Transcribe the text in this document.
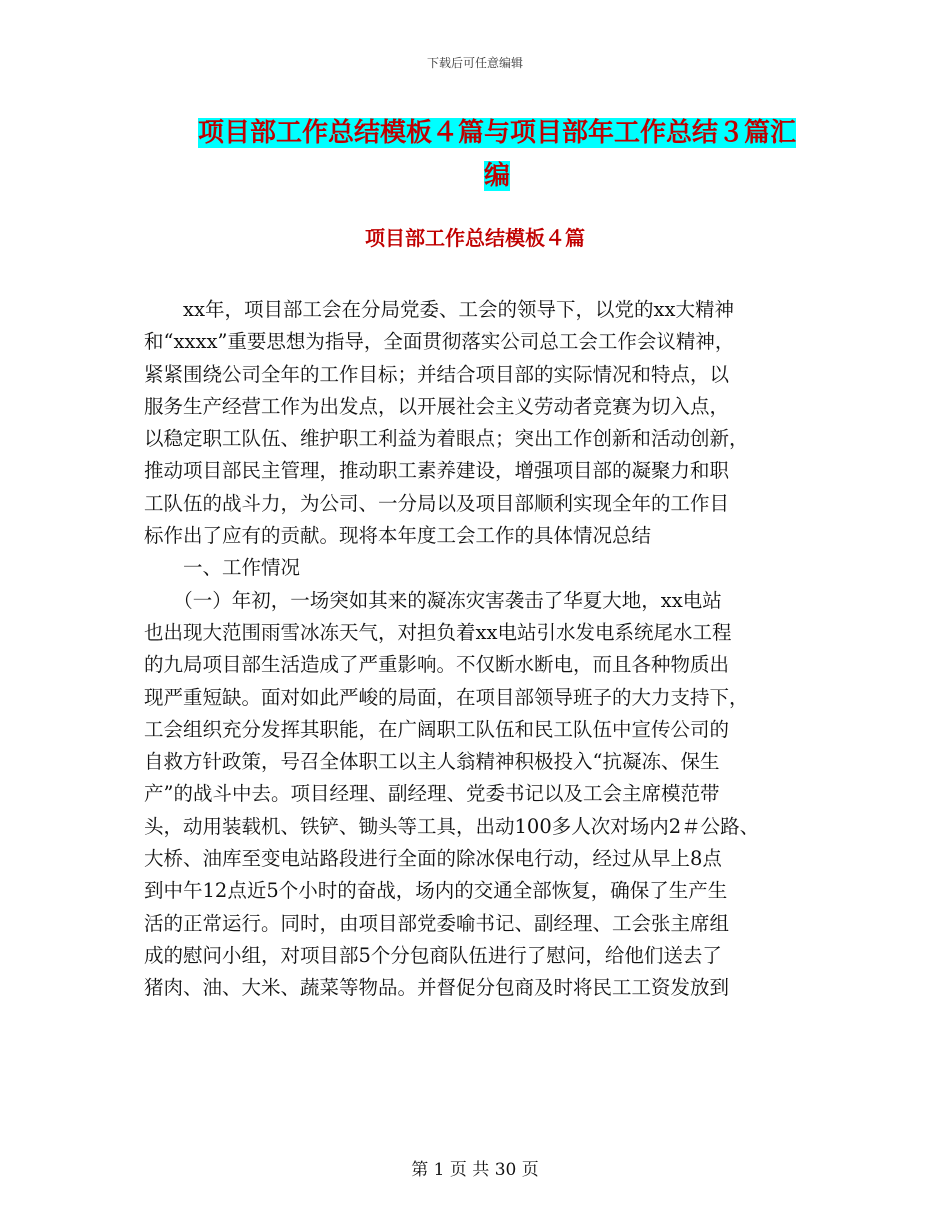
下载后可任意编辑
项目部工作总结模板４篇与项目部年工作总结３篇汇
编
项目部工作总结模板４篇
　　xx年，项目部工会在分局党委、工会的领导下，以党的xx大精神
和“xxxx”重要思想为指导，全面贯彻落实公司总工会工作会议精神，
紧紧围绕公司全年的工作目标；并结合项目部的实际情况和特点，以
服务生产经营工作为出发点，以开展社会主义劳动者竞赛为切入点，
以稳定职工队伍、维护职工利益为着眼点；突出工作创新和活动创新，
推动项目部民主管理，推动职工素养建设，增强项目部的凝聚力和职
工队伍的战斗力，为公司、一分局以及项目部顺利实现全年的工作目
标作出了应有的贡献。现将本年度工会工作的具体情况总结
　　一、工作情况
　　（一）年初，一场突如其来的凝冻灾害袭击了华夏大地，xx电站
也出现大范围雨雪冰冻天气，对担负着xx电站引水发电系统尾水工程
的九局项目部生活造成了严重影响。不仅断水断电，而且各种物质出
现严重短缺。面对如此严峻的局面，在项目部领导班子的大力支持下，
工会组织充分发挥其职能，在广阔职工队伍和民工队伍中宣传公司的
自救方针政策，号召全体职工以主人翁精神积极投入“抗凝冻、保生
产”的战斗中去。项目经理、副经理、党委书记以及工会主席模范带
头，动用装载机、铁铲、锄头等工具，出动100多人次对场内2＃公路、
大桥、油库至变电站路段进行全面的除冰保电行动，经过从早上8点
到中午12点近5个小时的奋战，场内的交通全部恢复，确保了生产生
活的正常运行。同时，由项目部党委喻书记、副经理、工会张主席组
成的慰问小组，对项目部5个分包商队伍进行了慰问，给他们送去了
猪肉、油、大米、蔬菜等物品。并督促分包商及时将民工工资发放到
第 1 页 共 30 页
